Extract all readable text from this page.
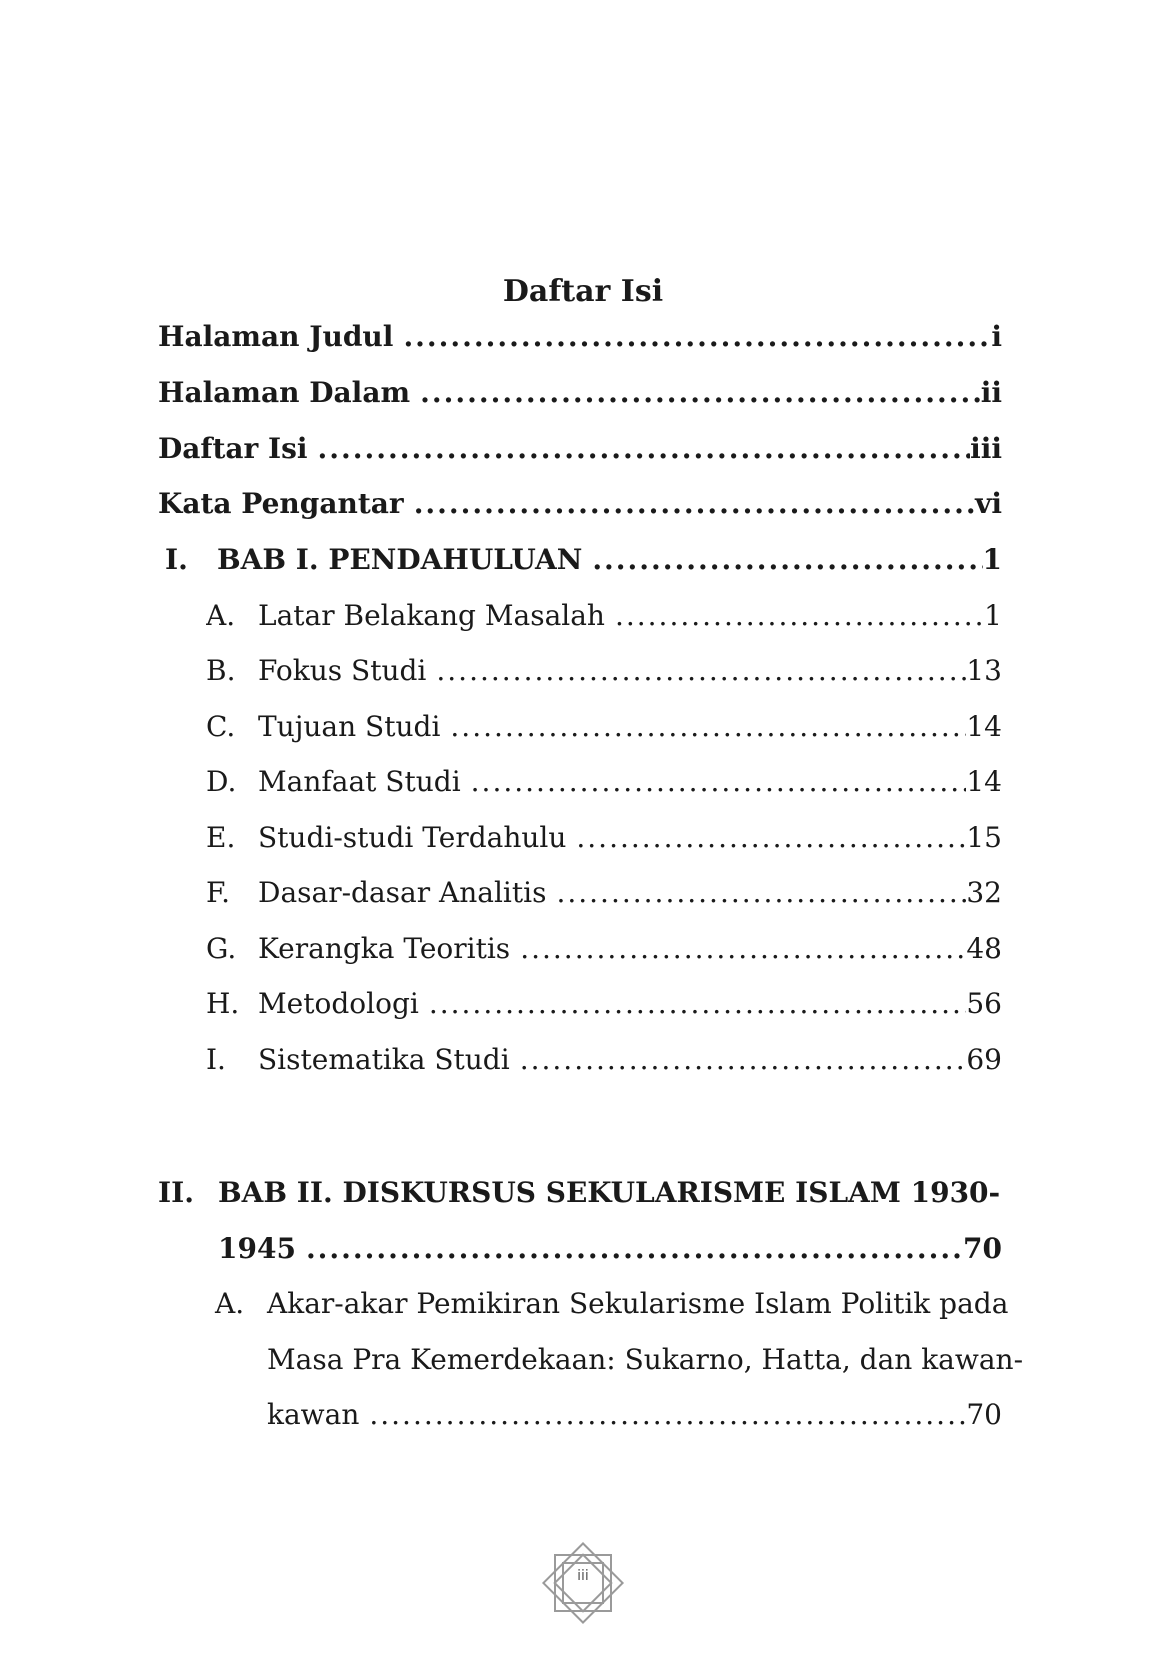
Daftar Isi
Halaman Judul .....	i
Halaman Dalam .....	ii
Daftar Isi .....	iii
Kata Pengantar .....	vi
I.	BAB I. PENDAHULUAN .....	1
A. Latar Belakang Masalah .....	1
B. Fokus Studi .....	13
C. Tujuan Studi .....	14
D. Manfaat Studi .....	14
E. Studi-studi Terdahulu .....	15
F.	Dasar-dasar Analitis .....	32
G. Kerangka Teoritis .....	48
H. Metodologi .....	56
I.	Sistematika Studi .....	69
II. BAB II. DISKURSUS SEKULARISME ISLAM 1930-
1945 .....	70
A. Akar-akar Pemikiran Sekularisme Islam Politik pada
Masa Pra Kemerdekaan: Sukarno, Hatta, dan kawan-
kawan .....	70
iii
